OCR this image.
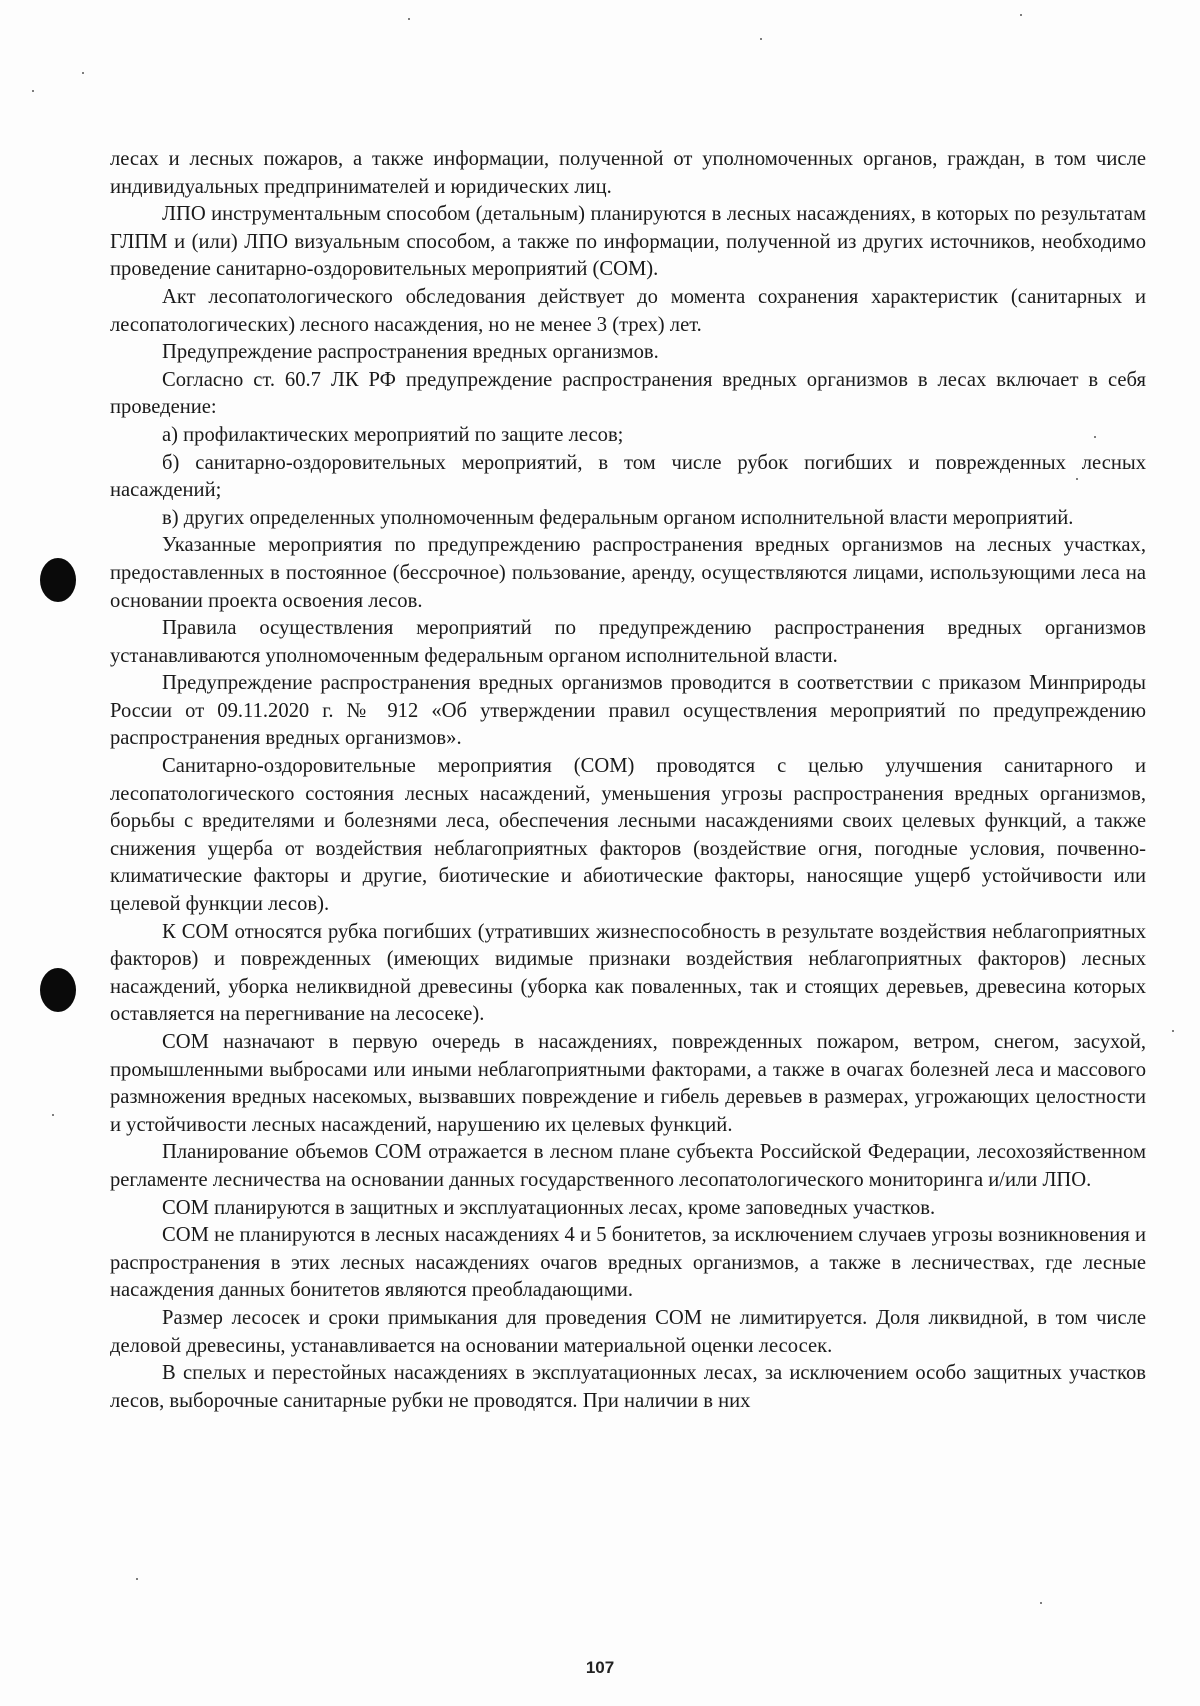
лесах и лесных пожаров, а также информации, полученной от уполномоченных органов, граждан, в том числе индивидуальных предпринимателей и юридических лиц.

ЛПО инструментальным способом (детальным) планируются в лесных насаждениях, в которых по результатам ГЛПМ и (или) ЛПО визуальным способом, а также по информации, полученной из других источников, необходимо проведение санитарно-оздоровительных мероприятий (СОМ).

Акт лесопатологического обследования действует до момента сохранения характеристик (санитарных и лесопатологических) лесного насаждения, но не менее 3 (трех) лет.

Предупреждение распространения вредных организмов.

Согласно ст. 60.7 ЛК РФ предупреждение распространения вредных организмов в лесах включает в себя проведение:

а) профилактических мероприятий по защите лесов;

б) санитарно-оздоровительных мероприятий, в том числе рубок погибших и поврежденных лесных насаждений;

в) других определенных уполномоченным федеральным органом исполнительной власти мероприятий.

Указанные мероприятия по предупреждению распространения вредных организмов на лесных участках, предоставленных в постоянное (бессрочное) пользование, аренду, осуществляются лицами, использующими леса на основании проекта освоения лесов.

Правила осуществления мероприятий по предупреждению распространения вредных организмов устанавливаются уполномоченным федеральным органом исполнительной власти.

Предупреждение распространения вредных организмов проводится в соответствии с приказом Минприроды России от 09.11.2020 г. № 912 «Об утверждении правил осуществления мероприятий по предупреждению распространения вредных организмов».

Санитарно-оздоровительные мероприятия (СОМ) проводятся с целью улучшения санитарного и лесопатологического состояния лесных насаждений, уменьшения угрозы распространения вредных организмов, борьбы с вредителями и болезнями леса, обеспечения лесными насаждениями своих целевых функций, а также снижения ущерба от воздействия неблагоприятных факторов (воздействие огня, погодные условия, почвенно-климатические факторы и другие, биотические и абиотические факторы, наносящие ущерб устойчивости или целевой функции лесов).

К СОМ относятся рубка погибших (утративших жизнеспособность в результате воздействия неблагоприятных факторов) и поврежденных (имеющих видимые признаки воздействия неблагоприятных факторов) лесных насаждений, уборка неликвидной древесины (уборка как поваленных, так и стоящих деревьев, древесина которых оставляется на перегнивание на лесосеке).

СОМ назначают в первую очередь в насаждениях, поврежденных пожаром, ветром, снегом, засухой, промышленными выбросами или иными неблагоприятными факторами, а также в очагах болезней леса и массового размножения вредных насекомых, вызвавших повреждение и гибель деревьев в размерах, угрожающих целостности и устойчивости лесных насаждений, нарушению их целевых функций.

Планирование объемов СОМ отражается в лесном плане субъекта Российской Федерации, лесохозяйственном регламенте лесничества на основании данных государственного лесопатологического мониторинга и/или ЛПО.

СОМ планируются в защитных и эксплуатационных лесах, кроме заповедных участков.

СОМ не планируются в лесных насаждениях 4 и 5 бонитетов, за исключением случаев угрозы возникновения и распространения в этих лесных насаждениях очагов вредных организмов, а также в лесничествах, где лесные насаждения данных бонитетов являются преобладающими.

Размер лесосек и сроки примыкания для проведения СОМ не лимитируется. Доля ликвидной, в том числе деловой древесины, устанавливается на основании материальной оценки лесосек.

В спелых и перестойных насаждениях в эксплуатационных лесах, за исключением особо защитных участков лесов, выборочные санитарные рубки не проводятся. При наличии в них

107
